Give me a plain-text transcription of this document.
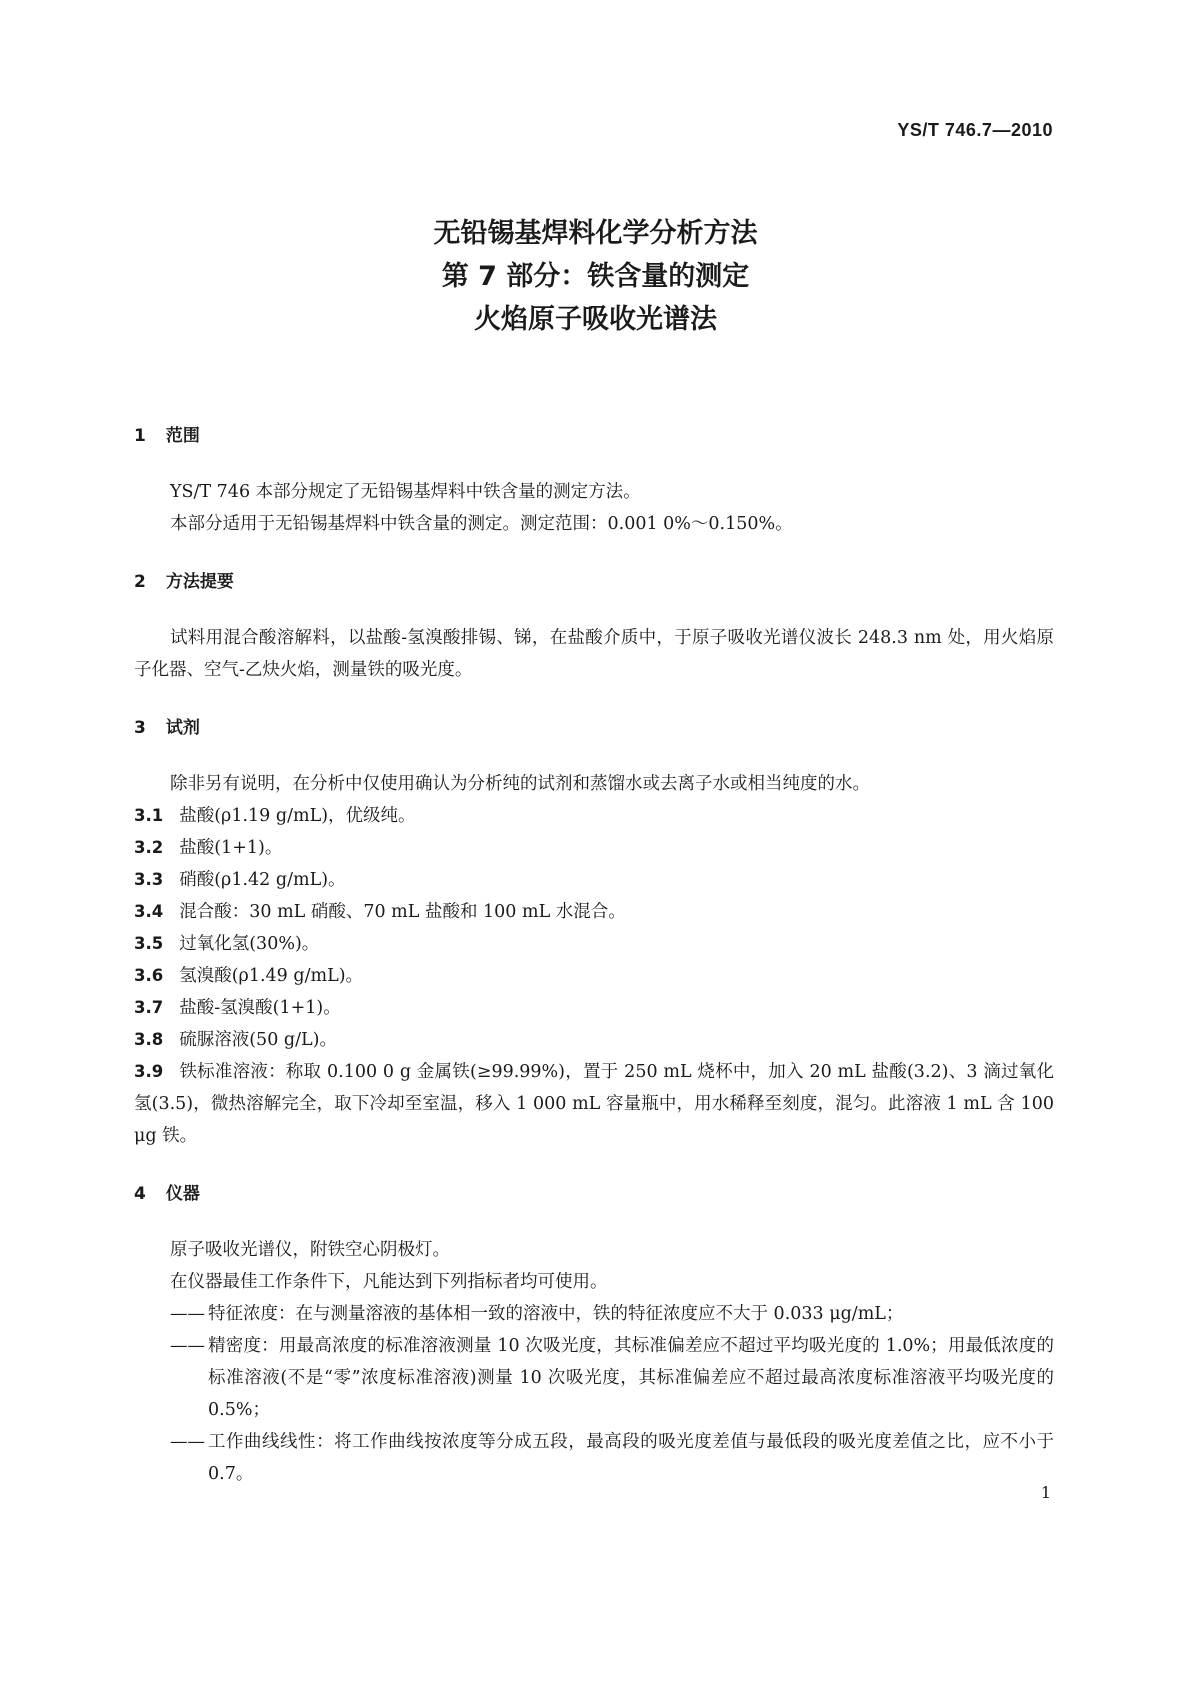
YS/T 746.7—2010
无铅锡基焊料化学分析方法
第 7 部分：铁含量的测定
火焰原子吸收光谱法
1 范围

YS/T 746 本部分规定了无铅锡基焊料中铁含量的测定方法。

本部分适用于无铅锡基焊料中铁含量的测定。测定范围：0.001 0%～0.150%。

2 方法提要

试料用混合酸溶解料，以盐酸-氢溴酸排锡、锑，在盐酸介质中，于原子吸收光谱仪波长 248.3 nm 处，用火焰原子化器、空气-乙炔火焰，测量铁的吸光度。

3 试剂

除非另有说明，在分析中仅使用确认为分析纯的试剂和蒸馏水或去离子水或相当纯度的水。

3.1 盐酸(ρ1.19 g/mL)，优级纯。

3.2 盐酸(1+1)。

3.3 硝酸(ρ1.42 g/mL)。

3.4 混合酸：30 mL 硝酸、70 mL 盐酸和 100 mL 水混合。

3.5 过氧化氢(30%)。

3.6 氢溴酸(ρ1.49 g/mL)。

3.7 盐酸-氢溴酸(1+1)。

3.8 硫脲溶液(50 g/L)。

3.9 铁标准溶液：称取 0.100 0 g 金属铁(≥99.99%)，置于 250 mL 烧杯中，加入 20 mL 盐酸(3.2)、3 滴过氧化氢(3.5)，微热溶解完全，取下冷却至室温，移入 1 000 mL 容量瓶中，用水稀释至刻度，混匀。此溶液 1 mL 含 100 μg 铁。

4 仪器

原子吸收光谱仪，附铁空心阴极灯。

在仪器最佳工作条件下，凡能达到下列指标者均可使用。

—— 特征浓度：在与测量溶液的基体相一致的溶液中，铁的特征浓度应不大于 0.033 μg/mL；
—— 精密度：用最高浓度的标准溶液测量 10 次吸光度，其标准偏差应不超过平均吸光度的 1.0%；用最低浓度的标准溶液(不是“零”浓度标准溶液)测量 10 次吸光度，其标准偏差应不超过最高浓度标准溶液平均吸光度的 0.5%；
—— 工作曲线线性：将工作曲线按浓度等分成五段，最高段的吸光度差值与最低段的吸光度差值之比，应不小于 0.7。
1
